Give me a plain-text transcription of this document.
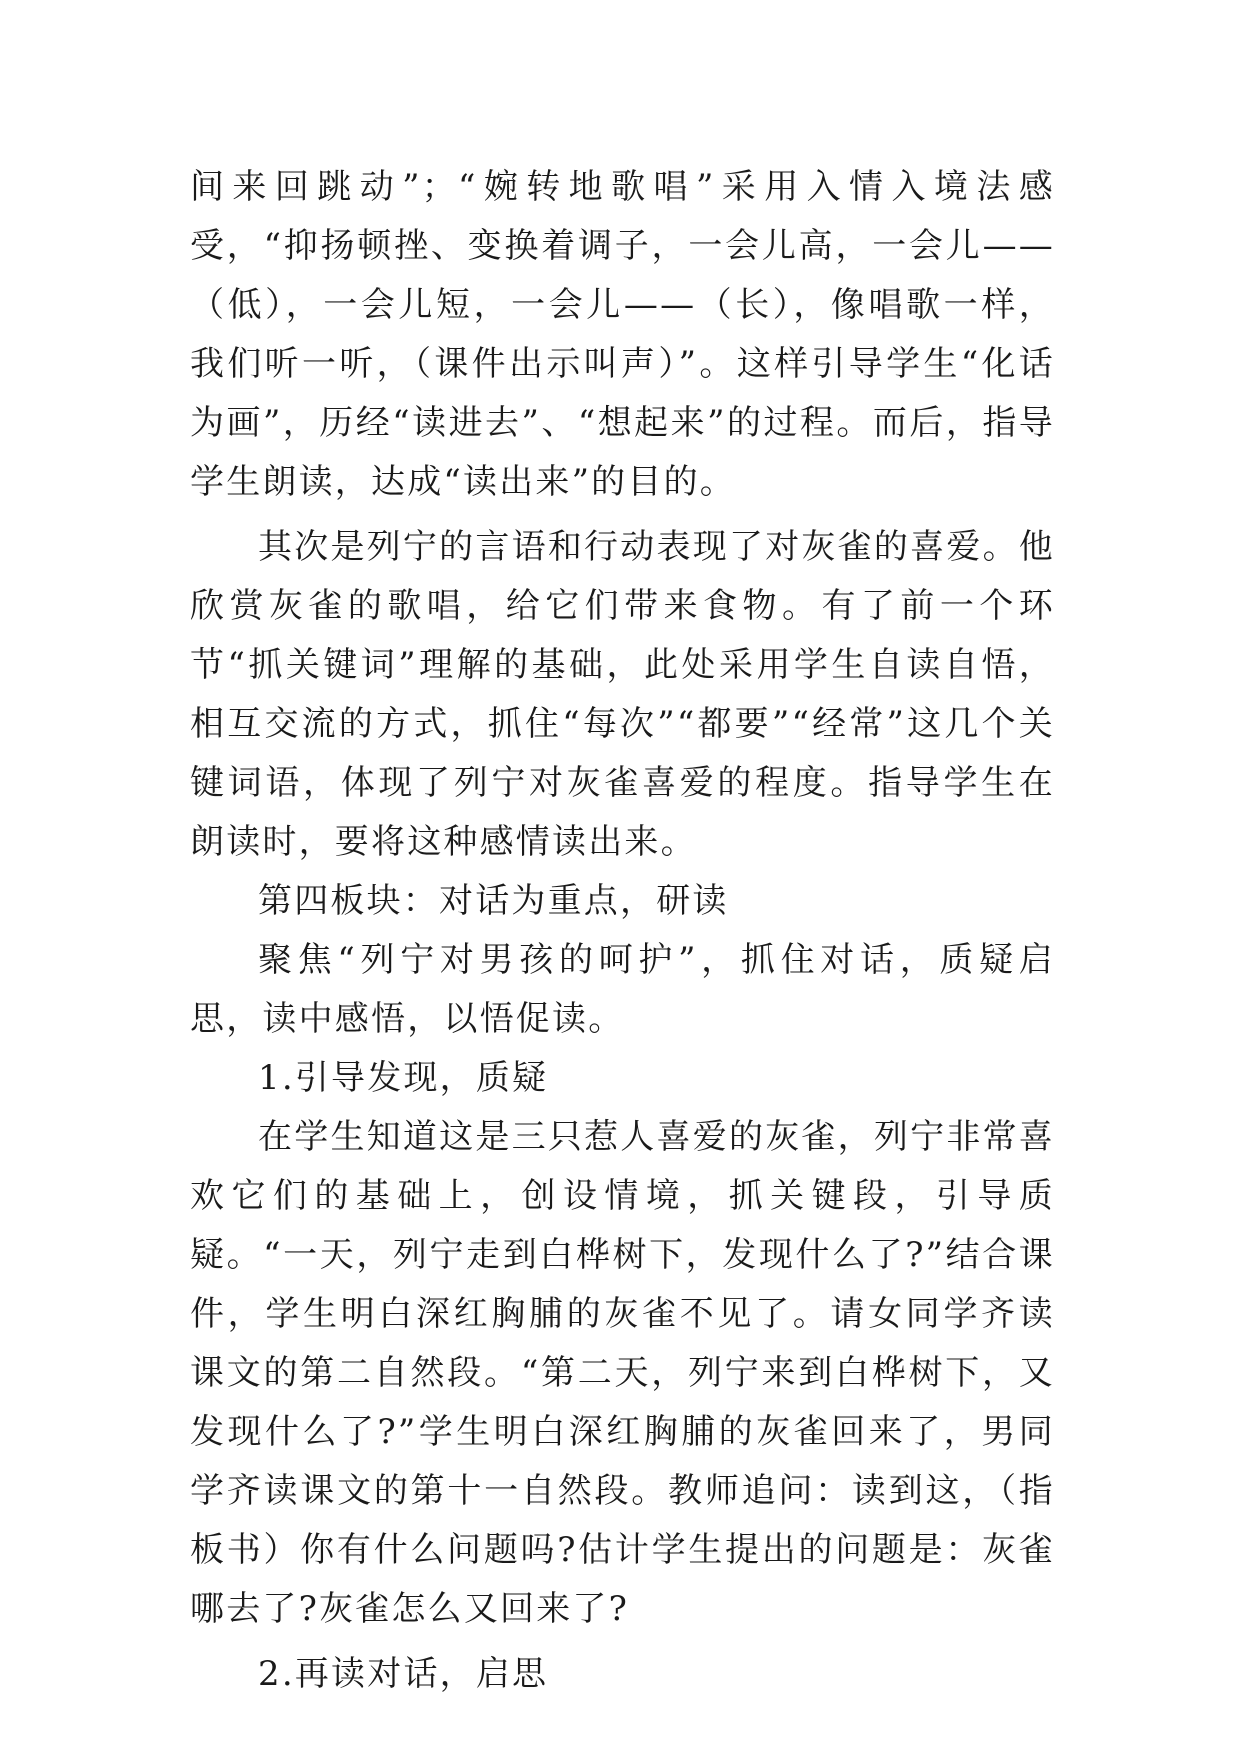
间来回跳动”；“婉转地歌唱”采用入情入境法感受，“抑扬顿挫、变换着调子，一会儿高，一会儿——（低），一会儿短，一会儿——（长），像唱歌一样，我们听一听，（课件出示叫声）”。这样引导学生“化话为画”，历经“读进去”、“想起来”的过程。而后，指导学生朗读，达成“读出来”的目的。

其次是列宁的言语和行动表现了对灰雀的喜爱。他欣赏灰雀的歌唱，给它们带来食物。有了前一个环节“抓关键词”理解的基础，此处采用学生自读自悟，相互交流的方式，抓住“每次”“都要”“经常”这几个关键词语，体现了列宁对灰雀喜爱的程度。指导学生在朗读时，要将这种感情读出来。

第四板块：对话为重点，研读

聚焦“列宁对男孩的呵护”，抓住对话，质疑启思，读中感悟，以悟促读。

1.引导发现，质疑

在学生知道这是三只惹人喜爱的灰雀，列宁非常喜欢它们的基础上，创设情境，抓关键段，引导质疑。“一天，列宁走到白桦树下，发现什么了?”结合课件，学生明白深红胸脯的灰雀不见了。请女同学齐读课文的第二自然段。“第二天，列宁来到白桦树下，又发现什么了?”学生明白深红胸脯的灰雀回来了，男同学齐读课文的第十一自然段。教师追问：读到这，（指板书）你有什么问题吗?估计学生提出的问题是：灰雀哪去了?灰雀怎么又回来了?

2.再读对话，启思
